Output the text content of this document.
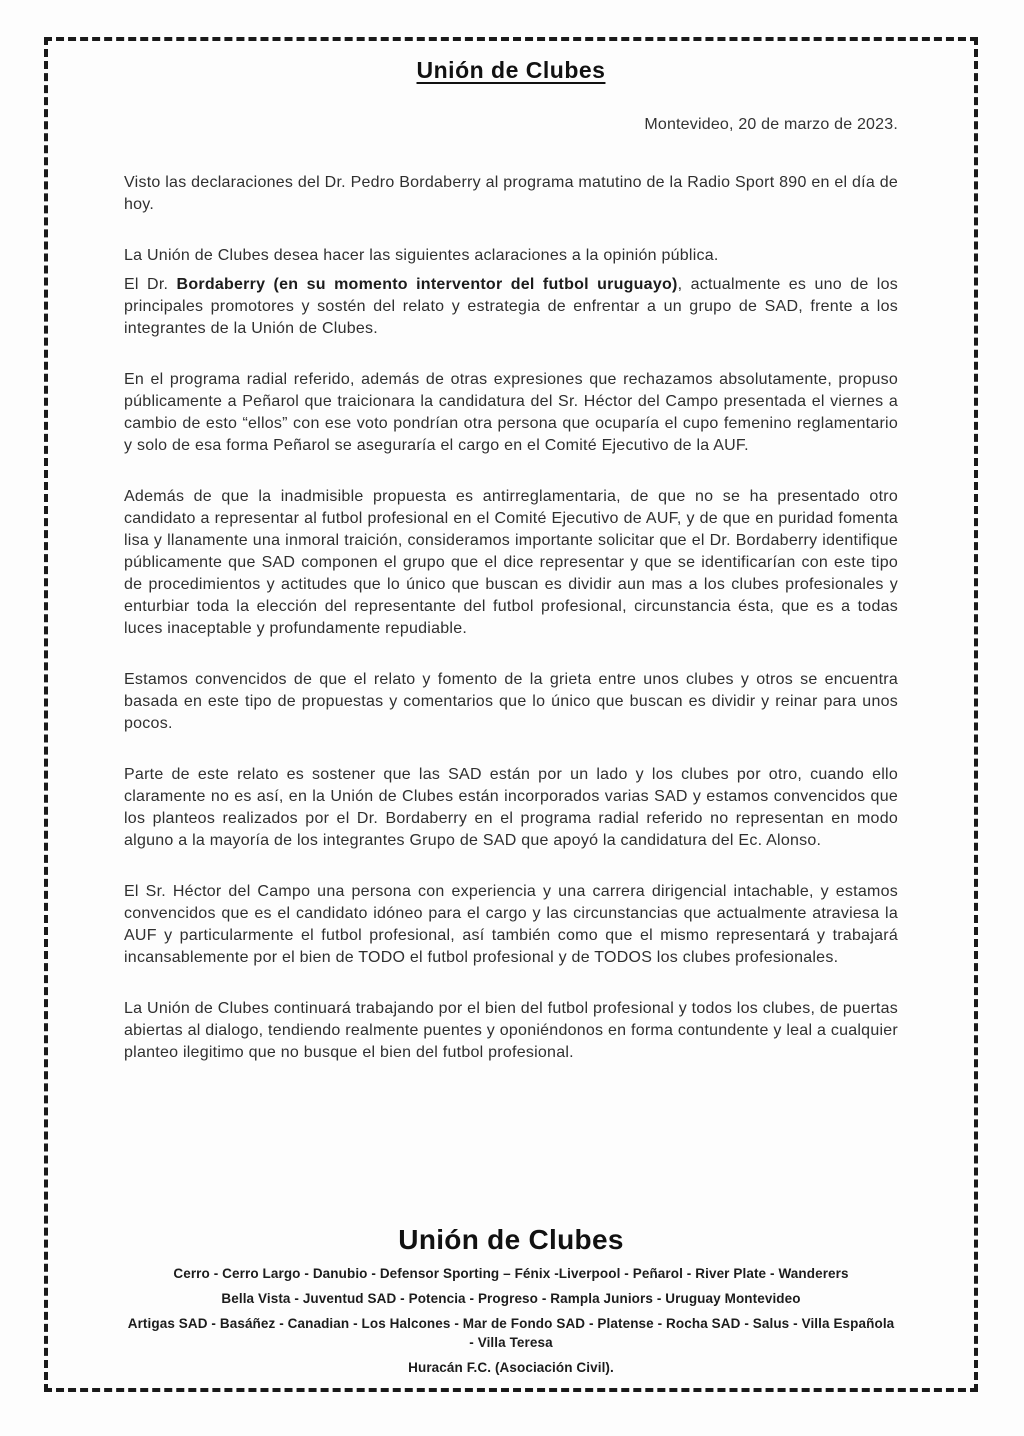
Unión de Clubes

Montevideo, 20 de marzo de 2023.

Visto las declaraciones del Dr. Pedro Bordaberry al programa matutino de la Radio Sport 890 en el día de hoy.

La Unión de Clubes desea hacer las siguientes aclaraciones a la opinión pública.

El Dr. Bordaberry (en su momento interventor del futbol uruguayo), actualmente es uno de los principales promotores y sostén del relato y estrategia de enfrentar a un grupo de SAD, frente a los integrantes de la Unión de Clubes.

En el programa radial referido, además de otras expresiones que rechazamos absolutamente, propuso públicamente a Peñarol que traicionara la candidatura del Sr. Héctor del Campo presentada el viernes a cambio de esto “ellos” con ese voto pondrían otra persona que ocuparía el cupo femenino reglamentario y solo de esa forma Peñarol se aseguraría el cargo en el Comité Ejecutivo de la AUF.

Además de que la inadmisible propuesta es antirreglamentaria, de que no se ha presentado otro candidato a representar al futbol profesional en el Comité Ejecutivo de AUF, y de que en puridad fomenta lisa y llanamente una inmoral traición, consideramos importante solicitar que el Dr. Bordaberry identifique públicamente que SAD componen el grupo que el dice representar y que se identificarían con este tipo de procedimientos y actitudes que lo único que buscan es dividir aun mas a los clubes profesionales y enturbiar toda la elección del representante del futbol profesional, circunstancia ésta, que es a todas luces inaceptable y profundamente repudiable.

Estamos convencidos de que el relato y fomento de la grieta entre unos clubes y otros se encuentra basada en este tipo de propuestas y comentarios que lo único que buscan es dividir y reinar para unos pocos.

Parte de este relato es sostener que las SAD están por un lado y los clubes por otro, cuando ello claramente no es así, en la Unión de Clubes están incorporados varias SAD y estamos convencidos que los planteos realizados por el Dr. Bordaberry en el programa radial referido no representan en modo alguno a la mayoría de los integrantes Grupo de SAD que apoyó la candidatura del Ec. Alonso.

El Sr. Héctor del Campo una persona con experiencia y una carrera dirigencial intachable, y estamos convencidos que es el candidato idóneo para el cargo y las circunstancias que actualmente atraviesa la AUF y particularmente el futbol profesional, así también como que el mismo representará y trabajará incansablemente por el bien de TODO el futbol profesional y de TODOS los clubes profesionales.

La Unión de Clubes continuará trabajando por el bien del futbol profesional y todos los clubes, de puertas abiertas al dialogo, tendiendo realmente puentes y oponiéndonos en forma contundente y leal a cualquier planteo ilegitimo que no busque el bien del futbol profesional.

Unión de Clubes

Cerro - Cerro Largo - Danubio - Defensor Sporting – Fénix -Liverpool - Peñarol - River Plate - Wanderers

Bella Vista - Juventud SAD - Potencia - Progreso - Rampla Juniors - Uruguay Montevideo

Artigas SAD - Basáñez - Canadian - Los Halcones - Mar de Fondo SAD - Platense - Rocha SAD - Salus - Villa Española - Villa Teresa

Huracán F.C. (Asociación Civil).
